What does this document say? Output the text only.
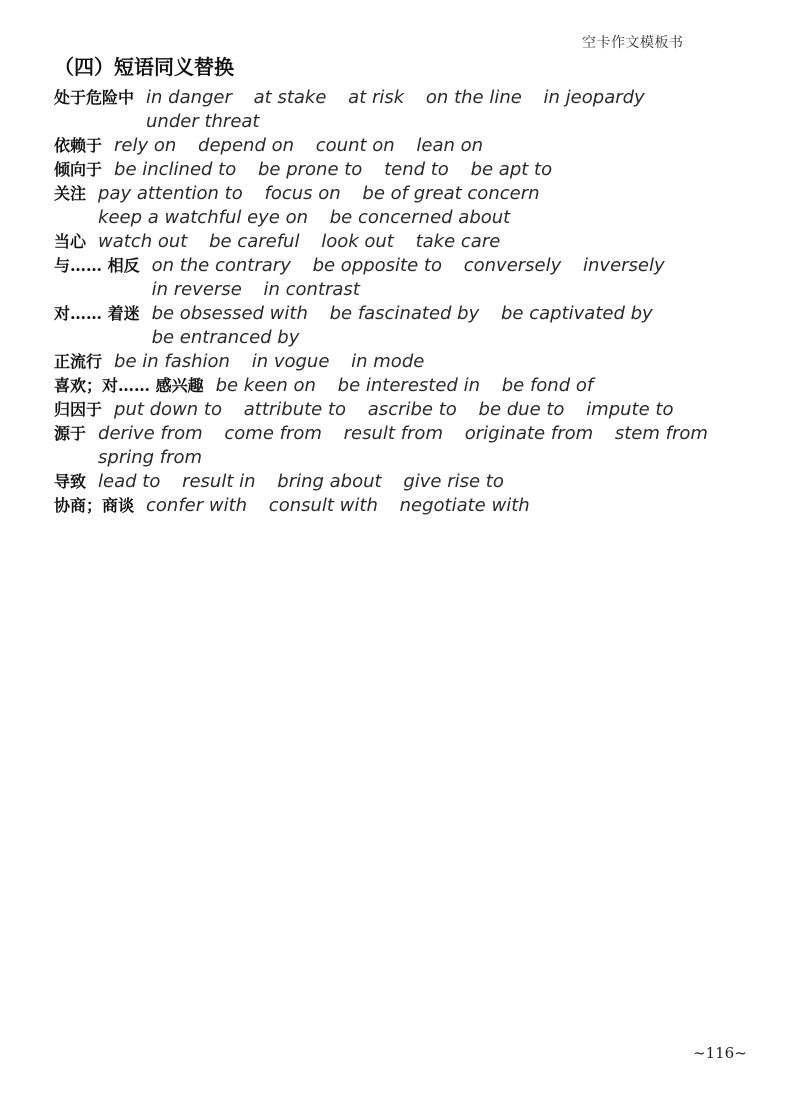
空卡作文模板书
（四）短语同义替换
处于危险中 in danger at stake at risk on the line in jeopardy under threat
依赖于 rely on depend on count on lean on
倾向于 be inclined to be prone to tend to be apt to
关注 pay attention to focus on be of great concern keep a watchful eye on be concerned about
当心 watch out be careful look out take care
与…… 相反 on the contrary be opposite to conversely inversely in reverse in contrast
对…… 着迷 be obsessed with be fascinated by be captivated by be entranced by
正流行 be in fashion in vogue in mode
喜欢；对…… 感兴趣 be keen on be interested in be fond of
归因于 put down to attribute to ascribe to be due to impute to
源于 derive from come from result from originate from stem from spring from
导致 lead to result in bring about give rise to
协商；商谈 confer with consult with negotiate with
~116~
